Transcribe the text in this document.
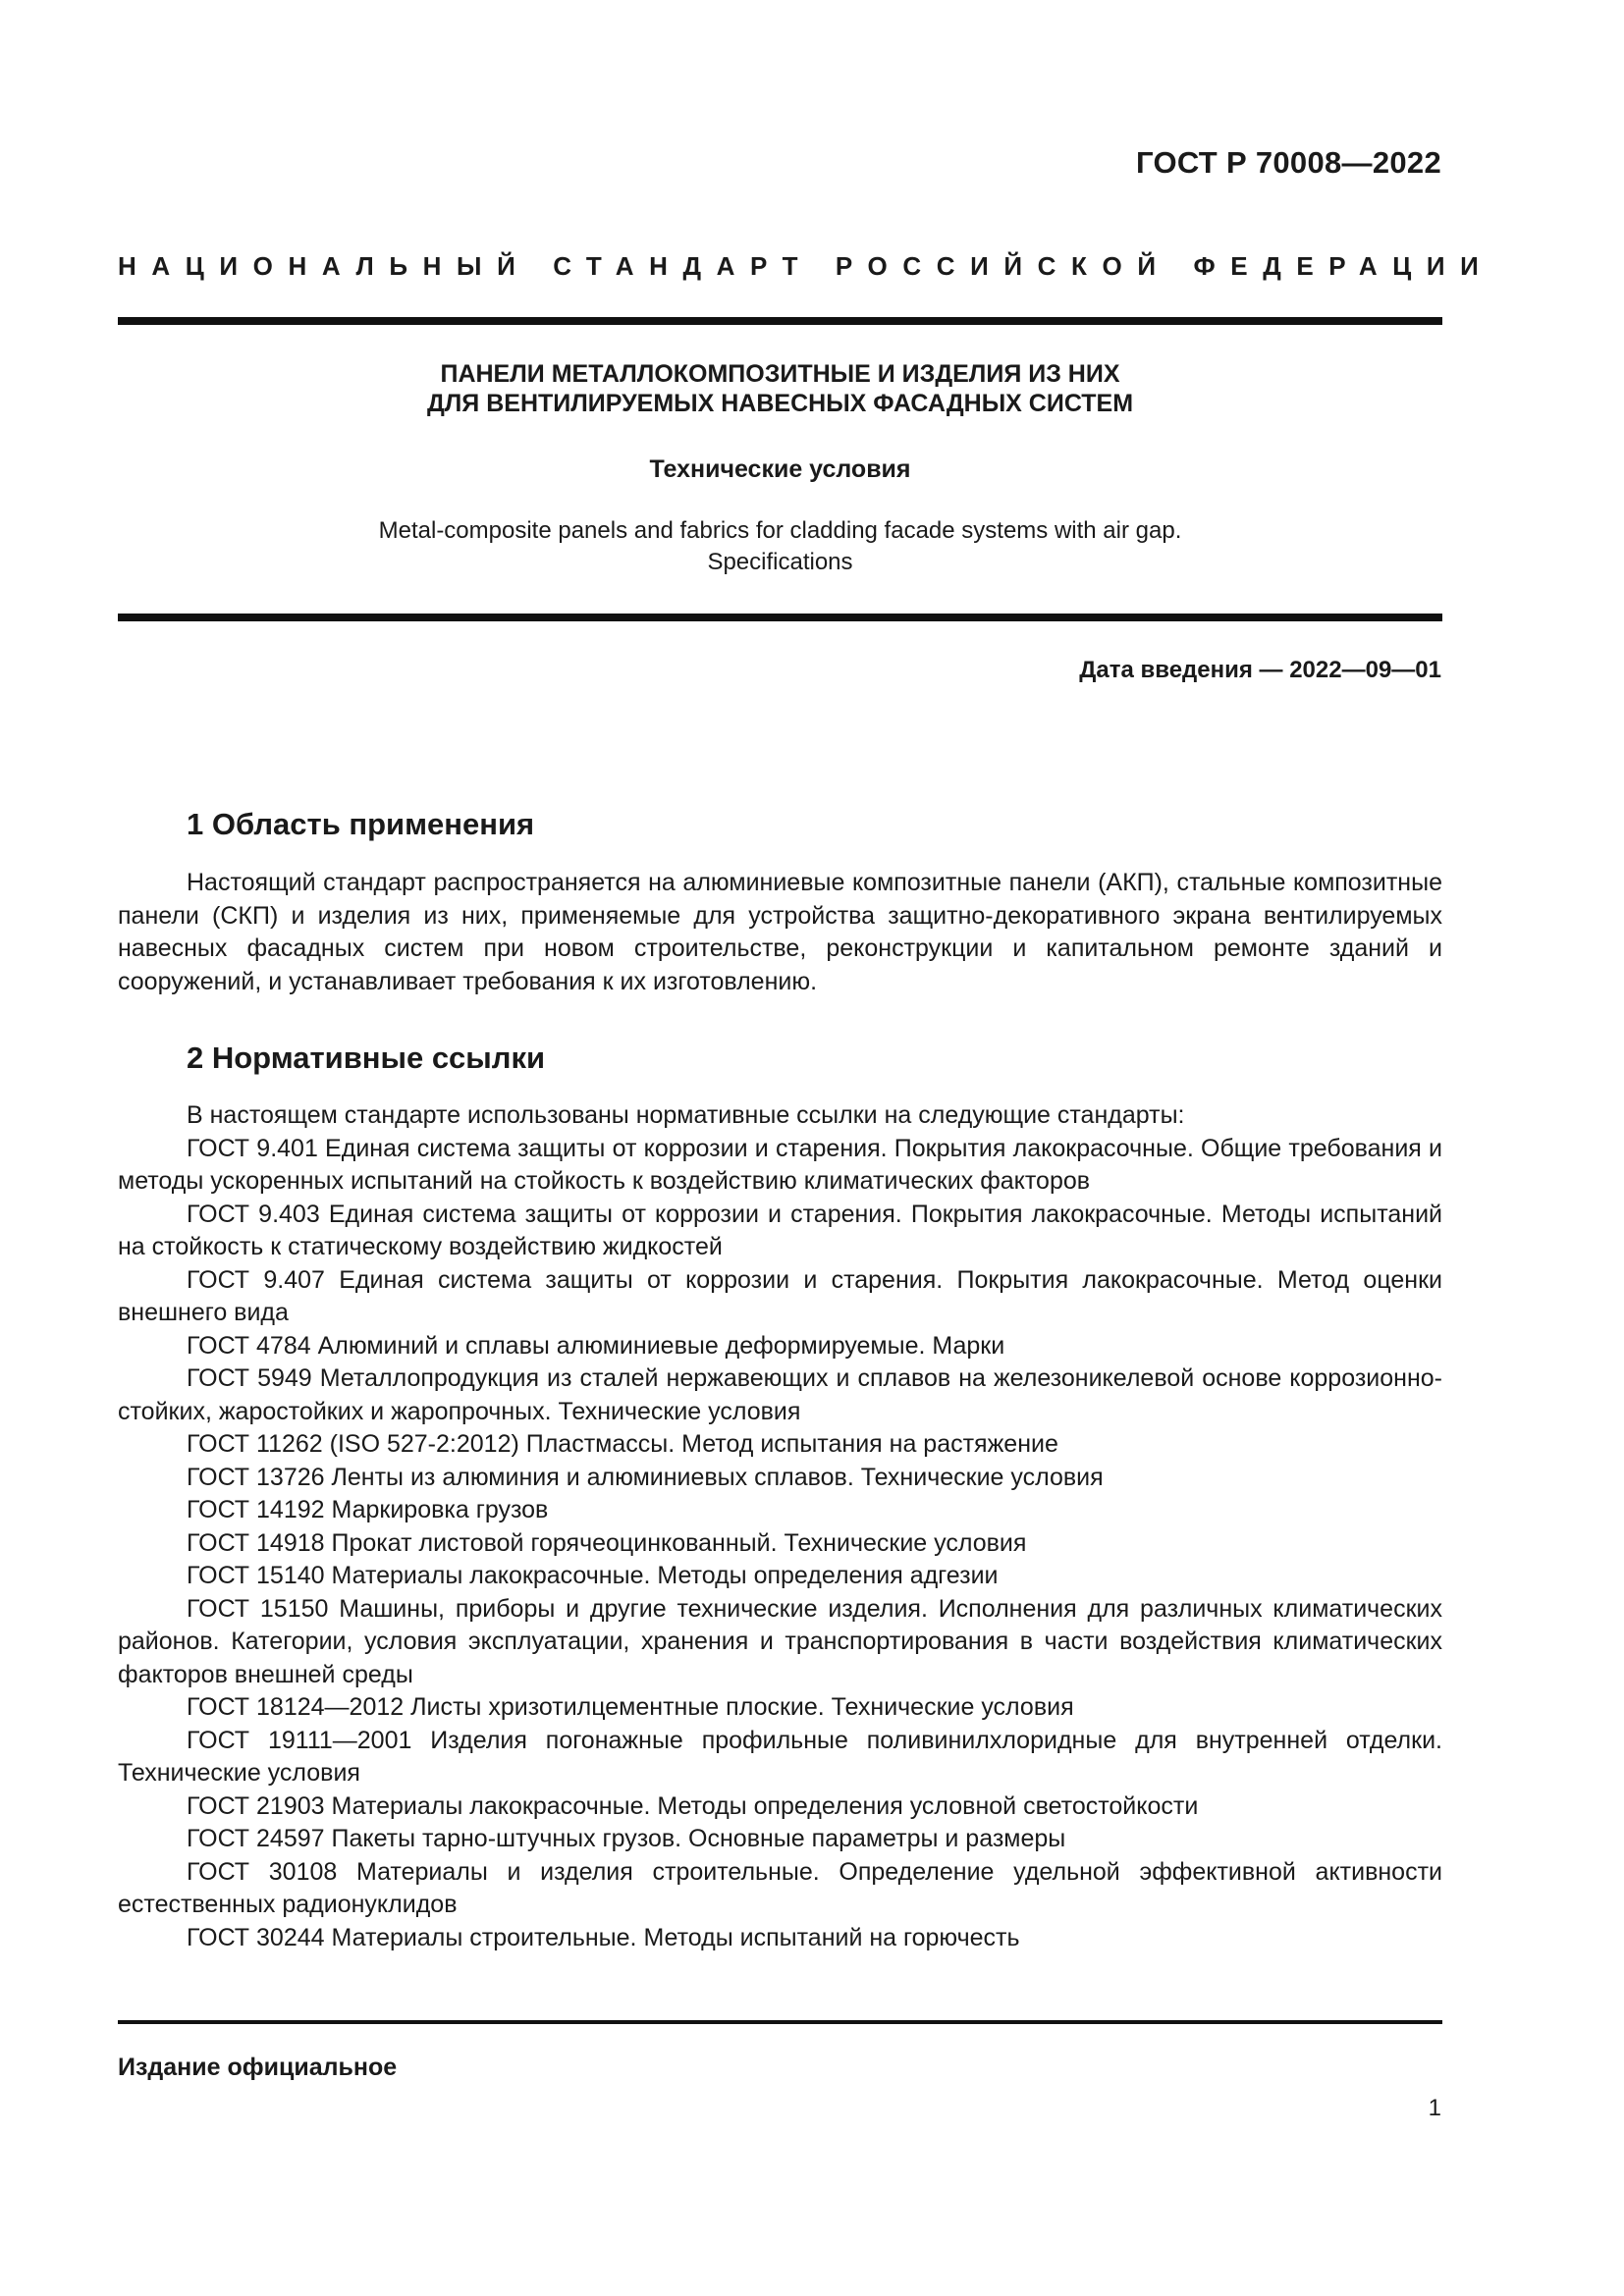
ГОСТ Р 70008—2022
НАЦИОНАЛЬНЫЙ СТАНДАРТ РОССИЙСКОЙ ФЕДЕРАЦИИ
ПАНЕЛИ МЕТАЛЛОКОМПОЗИТНЫЕ И ИЗДЕЛИЯ ИЗ НИХ
ДЛЯ ВЕНТИЛИРУЕМЫХ НАВЕСНЫХ ФАСАДНЫХ СИСТЕМ
Технические условия
Metal-composite panels and fabrics for cladding facade systems with air gap.
Specifications
Дата введения — 2022—09—01
1 Область применения

Настоящий стандарт распространяется на алюминиевые композитные панели (АКП), стальные композитные панели (СКП) и изделия из них, применяемые для устройства защитно-декоративного экрана вентилируемых навесных фасадных систем при новом строительстве, реконструкции и капитальном ремонте зданий и сооружений, и устанавливает требования к их изготовлению.

2 Нормативные ссылки

В настоящем стандарте использованы нормативные ссылки на следующие стандарты:

ГОСТ 9.401 Единая система защиты от коррозии и старения. Покрытия лакокрасочные. Общие требования и методы ускоренных испытаний на стойкость к воздействию климатических факторов

ГОСТ 9.403 Единая система защиты от коррозии и старения. Покрытия лакокрасочные. Методы испытаний на стойкость к статическому воздействию жидкостей

ГОСТ 9.407 Единая система защиты от коррозии и старения. Покрытия лакокрасочные. Метод оценки внешнего вида

ГОСТ 4784 Алюминий и сплавы алюминиевые деформируемые. Марки

ГОСТ 5949 Металлопродукция из сталей нержавеющих и сплавов на железоникелевой основе коррозионно-стойких, жаростойких и жаропрочных. Технические условия

ГОСТ 11262 (ISO 527-2:2012) Пластмассы. Метод испытания на растяжение

ГОСТ 13726 Ленты из алюминия и алюминиевых сплавов. Технические условия

ГОСТ 14192 Маркировка грузов

ГОСТ 14918 Прокат листовой горячеоцинкованный. Технические условия

ГОСТ 15140 Материалы лакокрасочные. Методы определения адгезии

ГОСТ 15150 Машины, приборы и другие технические изделия. Исполнения для различных климатических районов. Категории, условия эксплуатации, хранения и транспортирования в части воздействия климатических факторов внешней среды

ГОСТ 18124—2012 Листы хризотилцементные плоские. Технические условия

ГОСТ 19111—2001 Изделия погонажные профильные поливинилхлоридные для внутренней отделки. Технические условия

ГОСТ 21903 Материалы лакокрасочные. Методы определения условной светостойкости

ГОСТ 24597 Пакеты тарно-штучных грузов. Основные параметры и размеры

ГОСТ 30108 Материалы и изделия строительные. Определение удельной эффективной активности естественных радионуклидов

ГОСТ 30244 Материалы строительные. Методы испытаний на горючесть

Издание официальное
1
